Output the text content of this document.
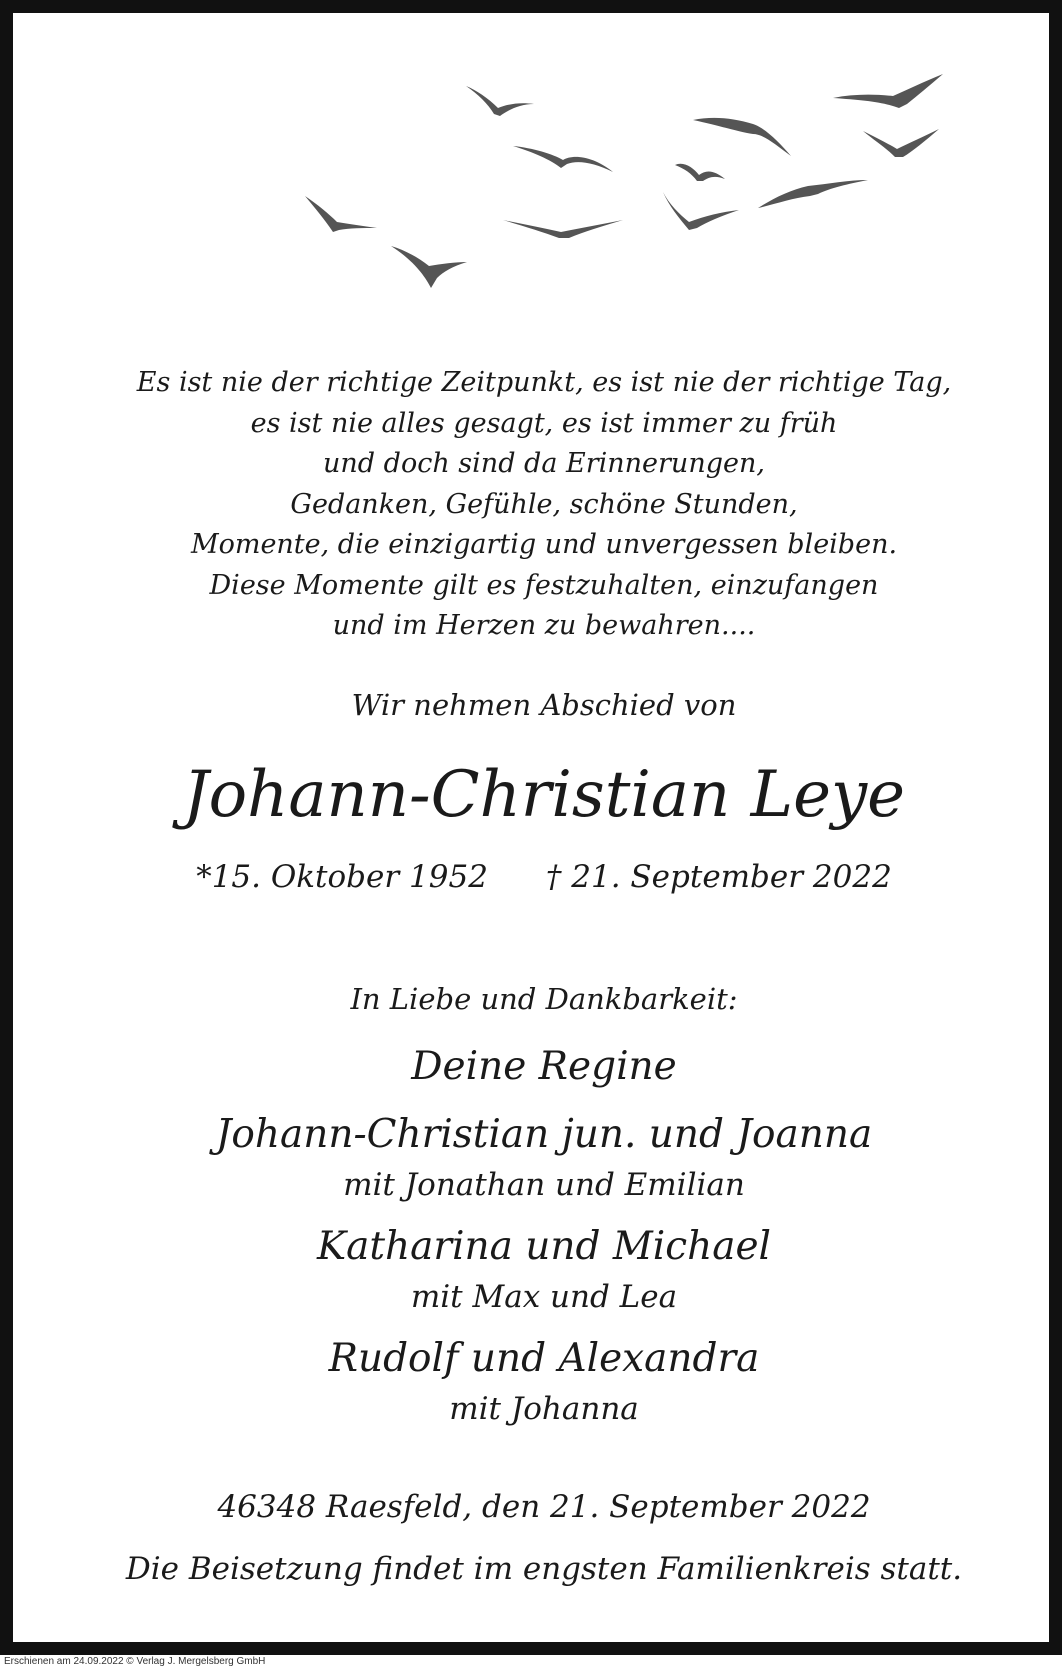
Es ist nie der richtige Zeitpunkt, es ist nie der richtige Tag,
es ist nie alles gesagt, es ist immer zu früh
und doch sind da Erinnerungen,
Gedanken, Gefühle, schöne Stunden,
Momente, die einzigartig und unvergessen bleiben.
Diese Momente gilt es festzuhalten, einzufangen
und im Herzen zu bewahren....
Wir nehmen Abschied von
Johann-Christian Leye
*15. Oktober 1952 † 21. September 2022
In Liebe und Dankbarkeit:
Deine Regine
Johann-Christian jun. und Joanna
mit Jonathan und Emilian
Katharina und Michael
mit Max und Lea
Rudolf und Alexandra
mit Johanna
46348 Raesfeld, den 21. September 2022
Die Beisetzung findet im engsten Familienkreis statt.
Erschienen am 24.09.2022 © Verlag J. Mergelsberg GmbH
